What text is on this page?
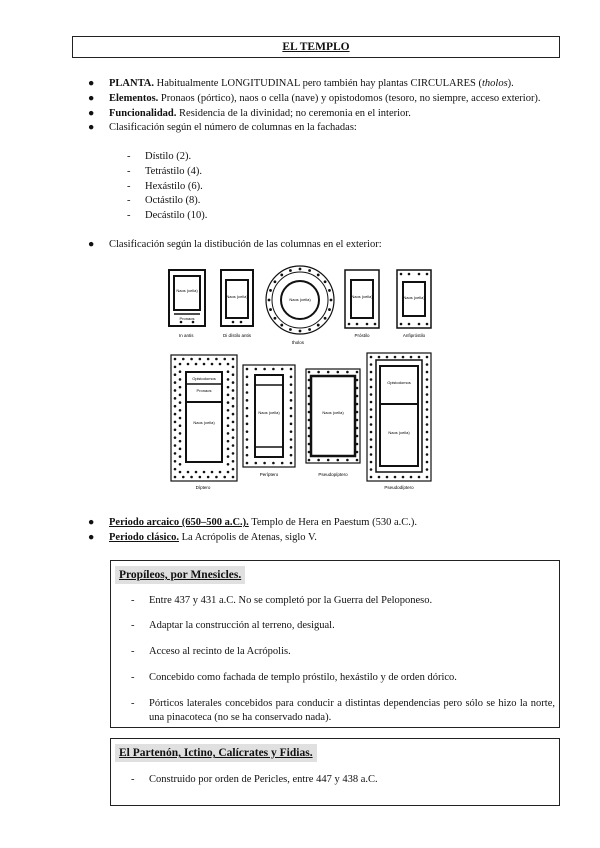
EL TEMPLO
● PLANTA. Habitualmente LONGITUDINAL pero también hay plantas CIRCULARES (tholos).
● Elementos. Pronaos (pórtico), naos o cella (nave) y opistodomos (tesoro, no siempre, acceso exterior).
● Funcionalidad. Residencia de la divinidad; no ceremonia en el interior.
● Clasificación según el número de columnas en la fachadas:
- Dístilo (2).
- Tetrástilo (4).
- Hexástilo (6).
- Octástilo (8).
- Decástilo (10).
● Clasificación según la distibución de las columnas en el exterior:
Naos (cella)
Pronaos
In antis
Naos (cella)
Di dístilo antis
Naos (cella)
tholos
Naos (cella)
Próstilo
Naos (cella)
Anfipróstilo
Opistodomos
Pronaos
Naos (cella)
Díptero
Naos (cella)
Períptero
Naos (cella)
Pseudopíptero
Opistodomos
Naos (cella)
Pseudodíptero
● Periodo arcaico (650–500 a.C.). Templo de Hera en Paestum (530 a.C.).
● Periodo clásico. La Acrópolis de Atenas, siglo V.
Propíleos, por Mnesicles.
- Entre 437 y 431 a.C. No se completó por la Guerra del Peloponeso.
- Adaptar la construcción al terreno, desigual.
- Acceso al recinto de la Acrópolis.
- Concebido como fachada de templo próstilo, hexástilo y de orden dórico.
- Pórticos laterales concebidos para conducir a distintas dependencias pero sólo se hizo la norte, una pinacoteca (no se ha conservado nada).
El Partenón, Ictino, Calícrates y Fidias.
- Construido por orden de Pericles, entre 447 y 438 a.C.
